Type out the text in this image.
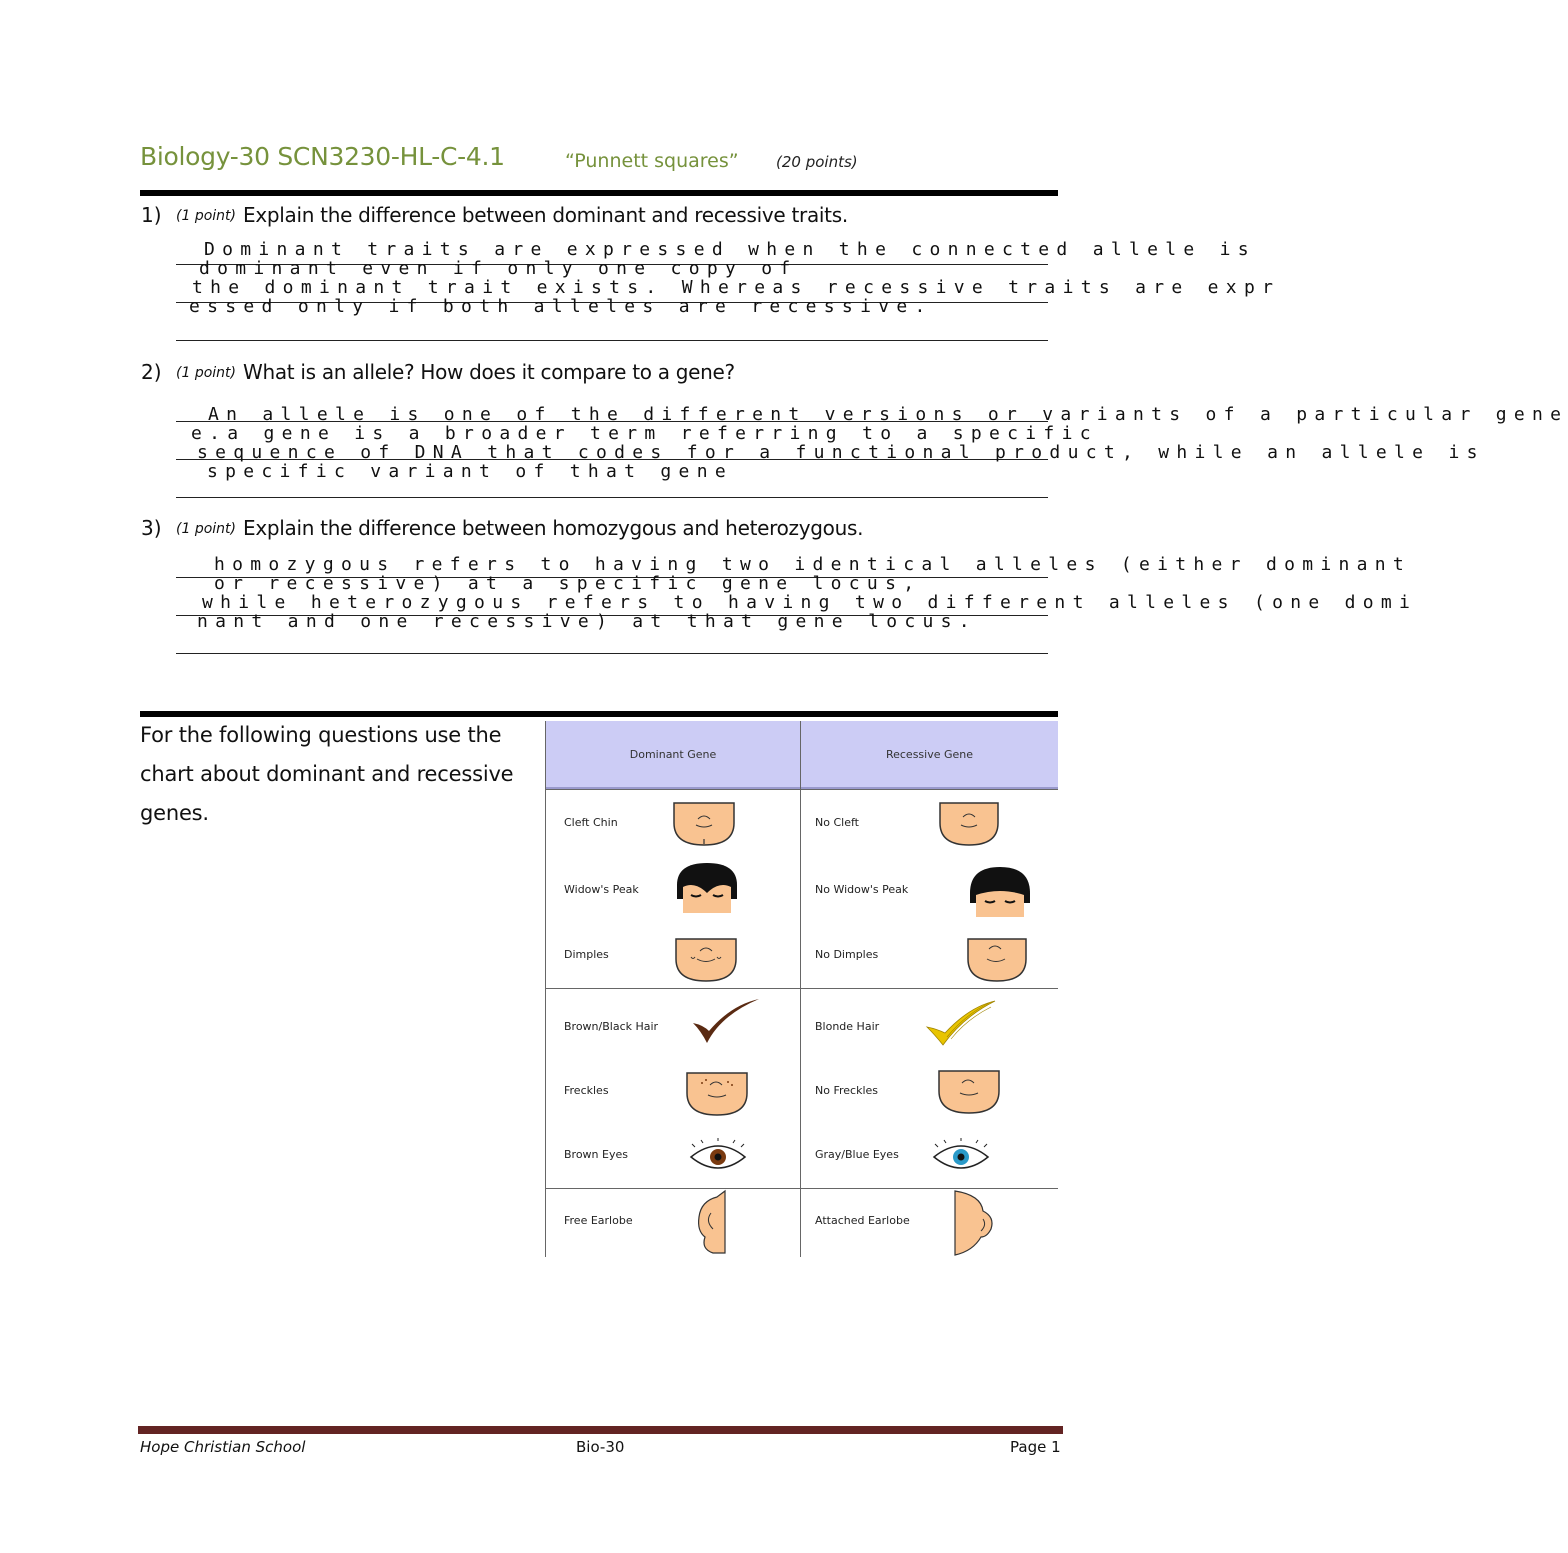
Biology-30 SCN3230-HL-C-4.1	“Punnett squares” (20 points)
1) (1 point) Explain the difference between dominant and recessive traits.
Dominant traits are expressed when the connected allele is
dominant even if only one copy of
the dominant trait exists. Whereas recessive traits are expr
essed only if both alleles are recessive.
2) (1 point) What is an allele? How does it compare to a gene?
An allele is one of the different versions or variants of a particular gene
e.a gene is a broader term referring to a specific
sequence of DNA that codes for a functional product, while an allele is
specific variant of that gene
3) (1 point) Explain the difference between homozygous and heterozygous.
homozygous refers to having two identical alleles (either dominant
or recessive) at a specific gene locus,
while heterozygous refers to having two different alleles (one domi
nant and one recessive) at that gene locus.
For the following questions use the
chart about dominant and recessive
genes.
Dominant Gene	Recessive Gene
Cleft Chin	No Cleft
Widow's Peak	No Widow's Peak
Dimples	No Dimples
Brown/Black Hair	Blonde Hair
Freckles	No Freckles
Brown Eyes	Gray/Blue Eyes
Free Earlobe	Attached Earlobe
Hope Christian School	Bio-30	Page 1
